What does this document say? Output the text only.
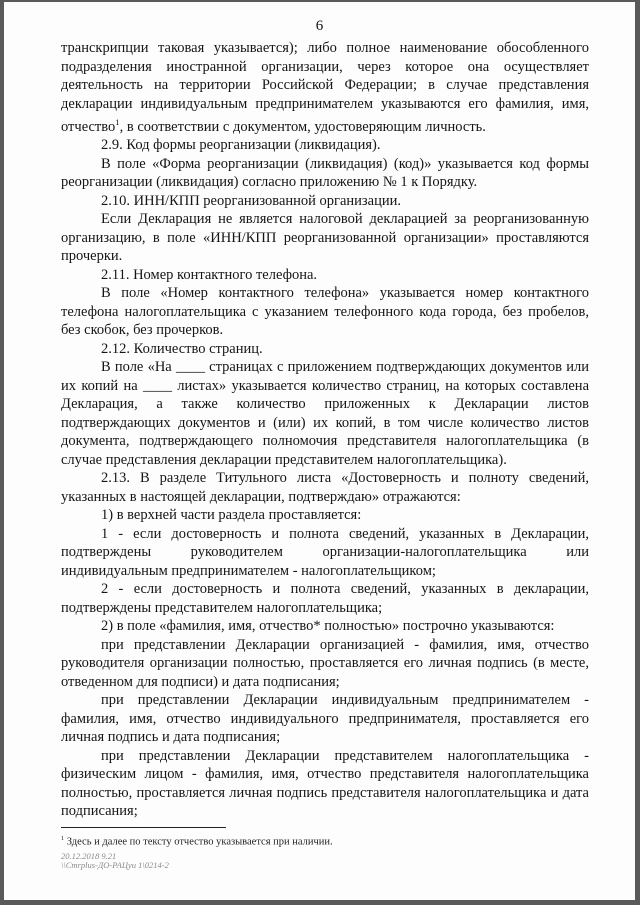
6

транскрипции таковая указывается); либо полное наименование обособленного подразделения иностранной организации, через которое она осуществляет деятельность на территории Российской Федерации; в случае представления декларации индивидуальным предпринимателем указываются его фамилия, имя, отчество$^1$, в соответствии с документом, удостоверяющим личность.

2.9. Код формы реорганизации (ликвидация).

В поле «Форма реорганизации (ликвидация) (код)» указывается код формы реорганизации (ликвидация) согласно приложению № 1 к Порядку.

2.10. ИНН/КПП реорганизованной организации.

Если Декларация не является налоговой декларацией за реорганизованную организацию, в поле «ИНН/КПП реорганизованной организации» проставляются прочерки.

2.11. Номер контактного телефона.

В поле «Номер контактного телефона» указывается номер контактного телефона налогоплательщика с указанием телефонного кода города, без пробелов, без скобок, без прочерков.

2.12. Количество страниц.

В поле «На ____ страницах с приложением подтверждающих документов или их копий на ____ листах» указывается количество страниц, на которых составлена Декларация, а также количество приложенных к Декларации листов подтверждающих документов и (или) их копий, в том числе количество листов документа, подтверждающего полномочия представителя налогоплательщика (в случае представления декларации представителем налогоплательщика).

2.13. В разделе Титульного листа «Достоверность и полноту сведений, указанных в настоящей декларации, подтверждаю» отражаются:

1) в верхней части раздела проставляется:

1 - если достоверность и полнота сведений, указанных в Декларации, подтверждены руководителем организации-налогоплательщика или индивидуальным предпринимателем - налогоплательщиком;

2 - если достоверность и полнота сведений, указанных в декларации, подтверждены представителем налогоплательщика;

2) в поле «фамилия, имя, отчество* полностью» построчно указываются:

при представлении Декларации организацией - фамилия, имя, отчество руководителя организации полностью, проставляется его личная подпись (в месте, отведенном для подписи) и дата подписания;

при представлении Декларации индивидуальным предпринимателем - фамилия, имя, отчество индивидуального предпринимателя, проставляется его личная подпись и дата подписания;

при представлении Декларации представителем налогоплательщика - физическим лицом - фамилия, имя, отчество представителя налогоплательщика полностью, проставляется личная подпись представителя налогоплательщика и дата подписания;

$^1$ Здесь и далее по тексту отчество указывается при наличии.
20.12.2018 9.21
\\Cmrplus-ДО-РАЦуи 1\0214-2
